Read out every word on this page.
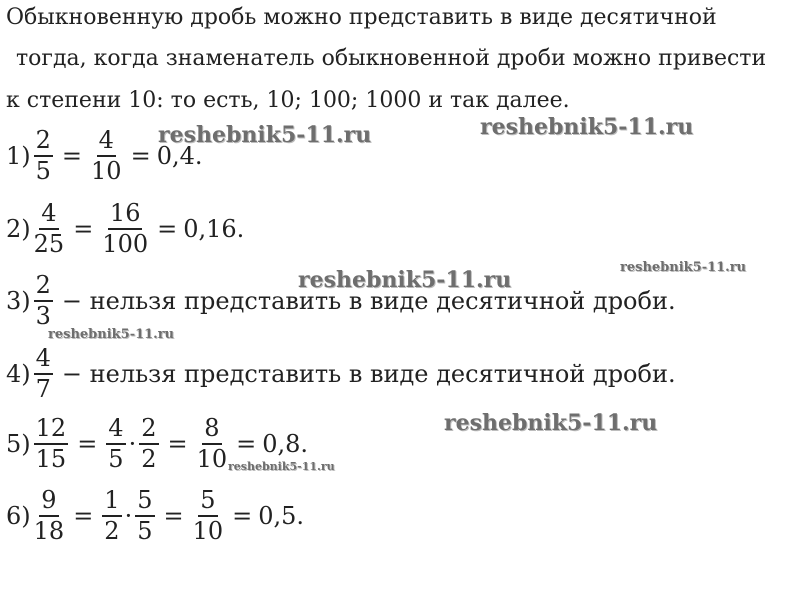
Обыкновенную дробь можно представить в виде десятичной
тогда, когда знаменатель обыкновенной дроби можно привести
к степени 10: то есть, 10; 100; 1000 и так далее.
$1) \frac{2}{5} = \frac{4}{10} = 0,4$.
$2) \frac{4}{25} = \frac{16}{100} = 0,16$.
$3) \frac{2}{3}$ − нельзя представить в виде десятичной дроби.
$4) \frac{4}{7}$ − нельзя представить в виде десятичной дроби.
$5) \frac{12}{15} = \frac{4}{5} \cdot \frac{2}{2} = \frac{8}{10} = 0,8$.
$6) \frac{9}{18} = \frac{1}{2} \cdot \frac{5}{5} = \frac{5}{10} = 0,5$.
reshebnik5-11.ru	reshebnik5-11.ru
reshebnik5-11.ru	reshebnik5-11.ru
reshebnik5-11.ru
reshebnik5-11.ru
reshebnik5-11.ru
